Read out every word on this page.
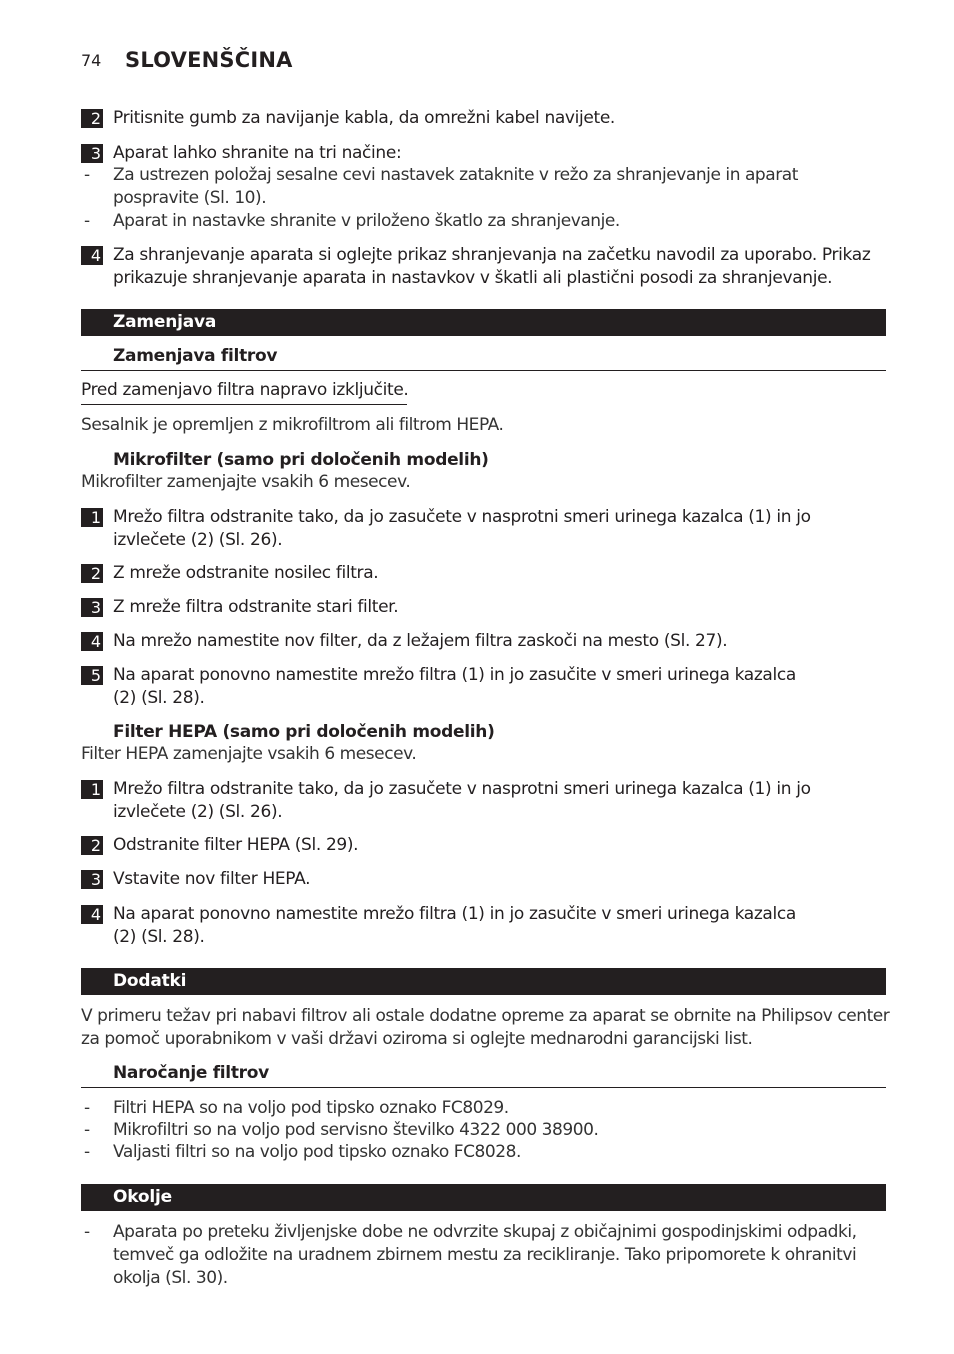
74 SLOVENŠČINA
2 Pritisnite gumb za navijanje kabla, da omrežni kabel navijete.
3 Aparat lahko shranite na tri načine:
- Za ustrezen položaj sesalne cevi nastavek zataknite v režo za shranjevanje in aparat
pospravite (Sl. 10).
- Aparat in nastavke shranite v priloženo škatlo za shranjevanje.
4 Za shranjevanje aparata si oglejte prikaz shranjevanja na začetku navodil za uporabo. Prikaz
prikazuje shranjevanje aparata in nastavkov v škatli ali plastični posodi za shranjevanje.
Zamenjava
Zamenjava filtrov
Pred zamenjavo filtra napravo izključite.
Sesalnik je opremljen z mikrofiltrom ali filtrom HEPA.
Mikrofilter (samo pri določenih modelih)
Mikrofilter zamenjajte vsakih 6 mesecev.
1 Mrežo filtra odstranite tako, da jo zasučete v nasprotni smeri urinega kazalca (1) in jo
izvlečete (2) (Sl. 26).
2 Z mreže odstranite nosilec filtra.
3 Z mreže filtra odstranite stari filter.
4 Na mrežo namestite nov filter, da z ležajem filtra zaskoči na mesto (Sl. 27).
5 Na aparat ponovno namestite mrežo filtra (1) in jo zasučite v smeri urinega kazalca
(2) (Sl. 28).
Filter HEPA (samo pri določenih modelih)
Filter HEPA zamenjajte vsakih 6 mesecev.
1 Mrežo filtra odstranite tako, da jo zasučete v nasprotni smeri urinega kazalca (1) in jo
izvlečete (2) (Sl. 26).
2 Odstranite filter HEPA (Sl. 29).
3 Vstavite nov filter HEPA.
4 Na aparat ponovno namestite mrežo filtra (1) in jo zasučite v smeri urinega kazalca
(2) (Sl. 28).
Dodatki
V primeru težav pri nabavi filtrov ali ostale dodatne opreme za aparat se obrnite na Philipsov center
za pomoč uporabnikom v vaši državi oziroma si oglejte mednarodni garancijski list.
Naročanje filtrov
- Filtri HEPA so na voljo pod tipsko oznako FC8029.
- Mikrofiltri so na voljo pod servisno številko 4322 000 38900.
- Valjasti filtri so na voljo pod tipsko oznako FC8028.
Okolje
- Aparata po preteku življenjske dobe ne odvrzite skupaj z običajnimi gospodinjskimi odpadki,
temveč ga odložite na uradnem zbirnem mestu za recikliranje. Tako pripomorete k ohranitvi
okolja (Sl. 30).
